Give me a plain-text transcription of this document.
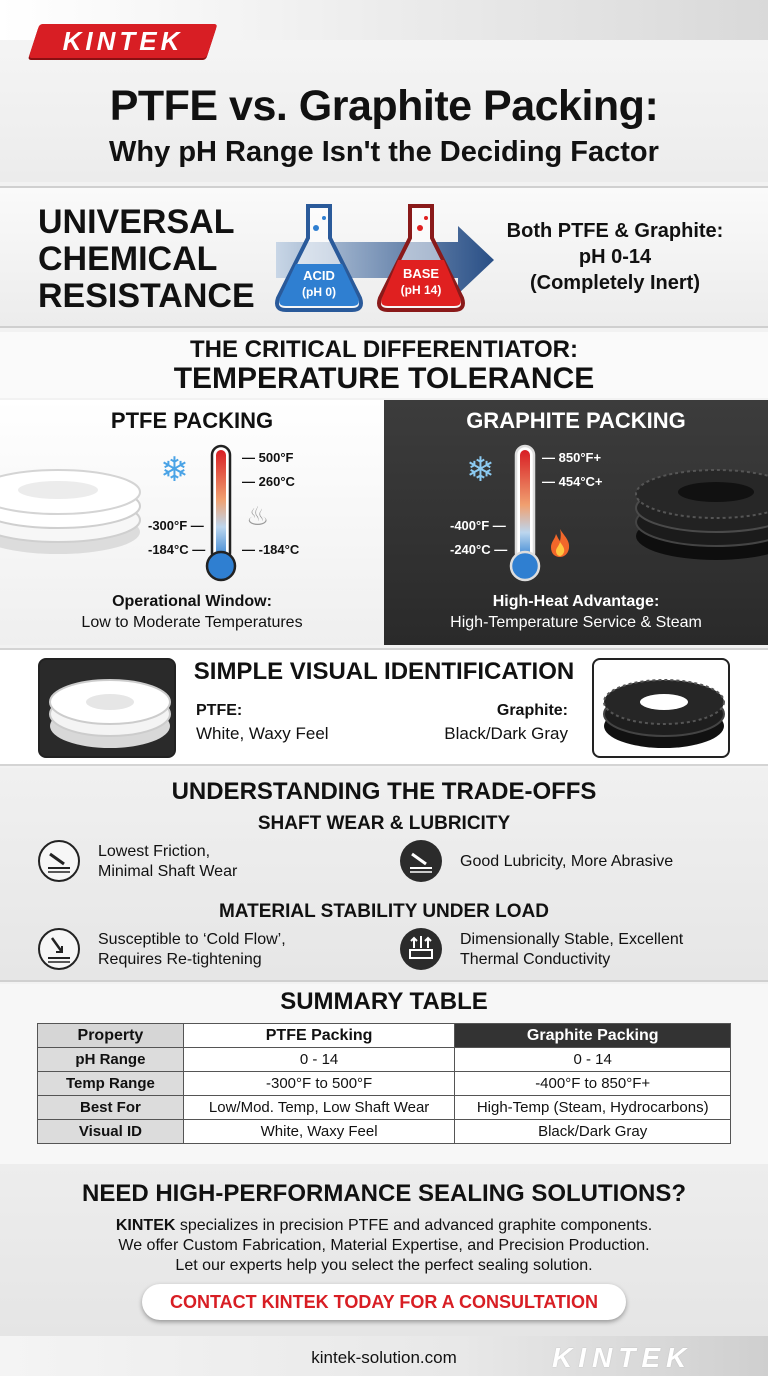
KINTEK
PTFE vs. Graphite Packing:
Why pH Range Isn't the Deciding Factor
UNIVERSAL
CHEMICAL
RESISTANCE
ACID
(pH 0)
BASE
(pH 14)
Both PTFE & Graphite:
pH 0-14
(Completely Inert)
THE CRITICAL DIFFERENTIATOR:
TEMPERATURE TOLERANCE
PTFE PACKING
❄
♨
— 500°F
— 260°C
-300°F —
-184°C —	— -184°C
Operational Window:
Low to Moderate Temperatures
GRAPHITE PACKING
❄	— 850°F+
— 454°C+
-400°F —
-240°C —
High-Heat Advantage:
High-Temperature Service & Steam
SIMPLE VISUAL IDENTIFICATION
PTFE:
White, Waxy Feel
Graphite:
Black/Dark Gray
UNDERSTANDING THE TRADE-OFFS
SHAFT WEAR & LUBRICITY
Lowest Friction,
Minimal Shaft Wear
Good Lubricity, More Abrasive
MATERIAL STABILITY UNDER LOAD
Susceptible to ‘Cold Flow’,
Requires Re-tightening
Dimensionally Stable, Excellent
Thermal Conductivity
SUMMARY TABLE
Property	PTFE Packing	Graphite Packing
pH Range	0 - 14	0 - 14
Temp Range	-300°F to 500°F	-400°F to 850°F+
Best For	Low/Mod. Temp, Low Shaft Wear	High-Temp (Steam, Hydrocarbons)
Visual ID	White, Waxy Feel	Black/Dark Gray
NEED HIGH-PERFORMANCE SEALING SOLUTIONS?
KINTEK specializes in precision PTFE and advanced graphite components.
We offer Custom Fabrication, Material Expertise, and Precision Production.
Let our experts help you select the perfect sealing solution.
CONTACT KINTEK TODAY FOR A CONSULTATION
kintek-solution.com	KINTEK
